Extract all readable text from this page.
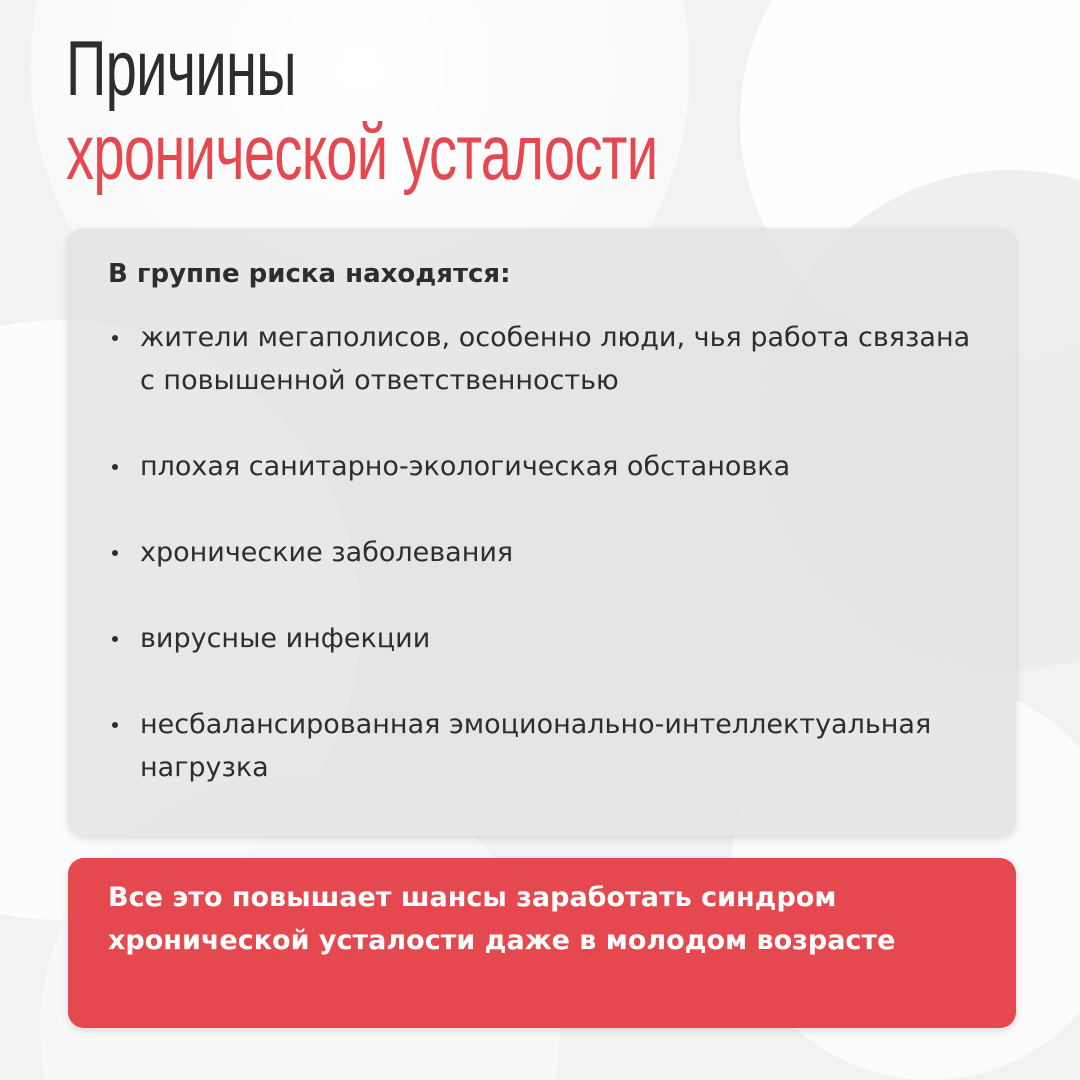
Причины
хронической усталости
В группе риска находятся:
жители мегаполисов, особенно люди, чья работа связана с повышенной ответственностью
плохая санитарно-экологическая обстановка
хронические заболевания
вирусные инфекции
несбалансированная эмоционально-интеллектуальная нагрузка

Все это повышает шансы заработать синдром хронической усталости даже в молодом возрасте
